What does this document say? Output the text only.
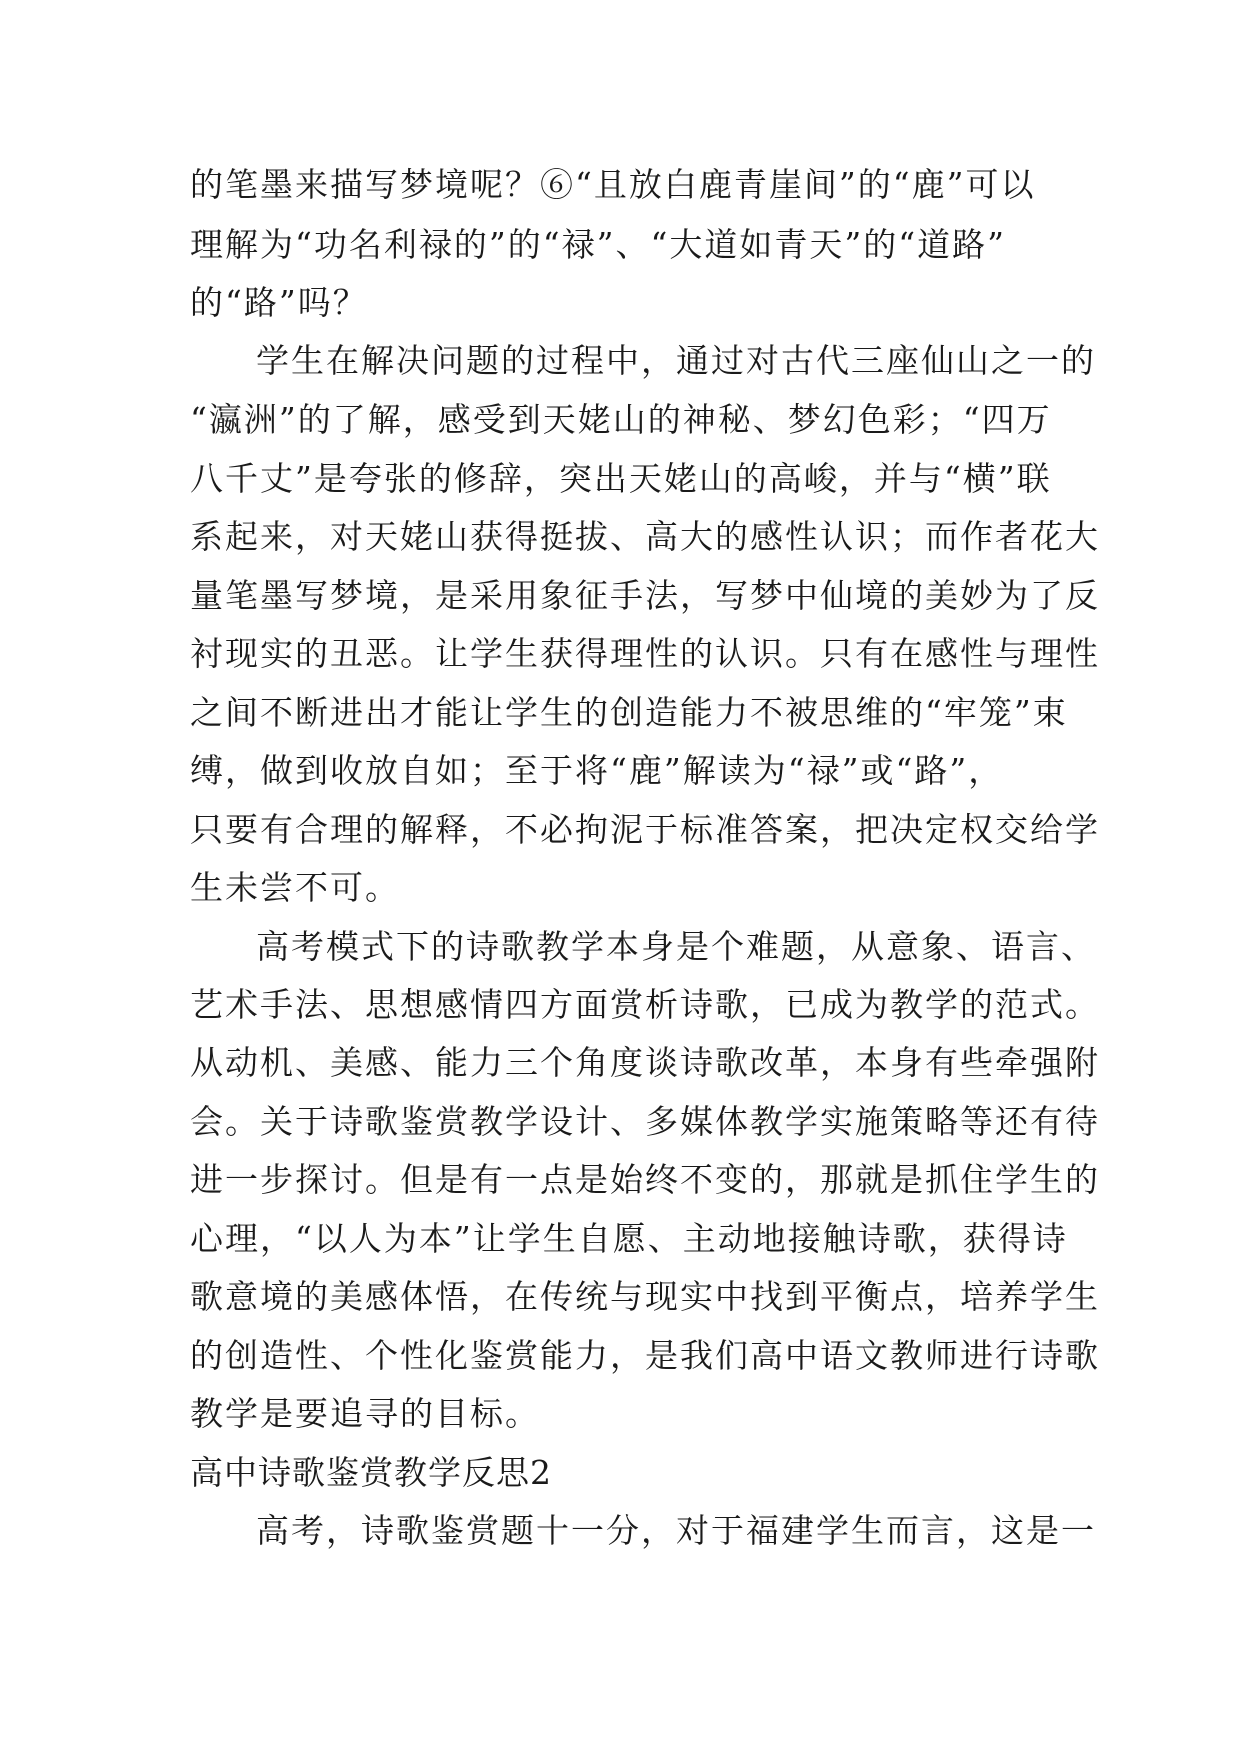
的笔墨来描写梦境呢？⑥“且放白鹿青崖间”的“鹿”可以
理解为“功名利禄的”的“禄”、“大道如青天”的“道路”
的“路”吗？
学生在解决问题的过程中，通过对古代三座仙山之一的
“瀛洲”的了解，感受到天姥山的神秘、梦幻色彩；“四万
八千丈”是夸张的修辞，突出天姥山的高峻，并与“横”联
系起来，对天姥山获得挺拔、高大的感性认识；而作者花大
量笔墨写梦境，是采用象征手法，写梦中仙境的美妙为了反
衬现实的丑恶。让学生获得理性的认识。只有在感性与理性
之间不断进出才能让学生的创造能力不被思维的“牢笼”束
缚，做到收放自如；至于将“鹿”解读为“禄”或“路”，
只要有合理的解释，不必拘泥于标准答案，把决定权交给学
生未尝不可。
高考模式下的诗歌教学本身是个难题，从意象、语言、
艺术手法、思想感情四方面赏析诗歌，已成为教学的范式。
从动机、美感、能力三个角度谈诗歌改革，本身有些牵强附
会。关于诗歌鉴赏教学设计、多媒体教学实施策略等还有待
进一步探讨。但是有一点是始终不变的，那就是抓住学生的
心理，“以人为本”让学生自愿、主动地接触诗歌，获得诗
歌意境的美感体悟，在传统与现实中找到平衡点，培养学生
的创造性、个性化鉴赏能力，是我们高中语文教师进行诗歌
教学是要追寻的目标。
高中诗歌鉴赏教学反思2
高考，诗歌鉴赏题十一分，对于福建学生而言，这是一
